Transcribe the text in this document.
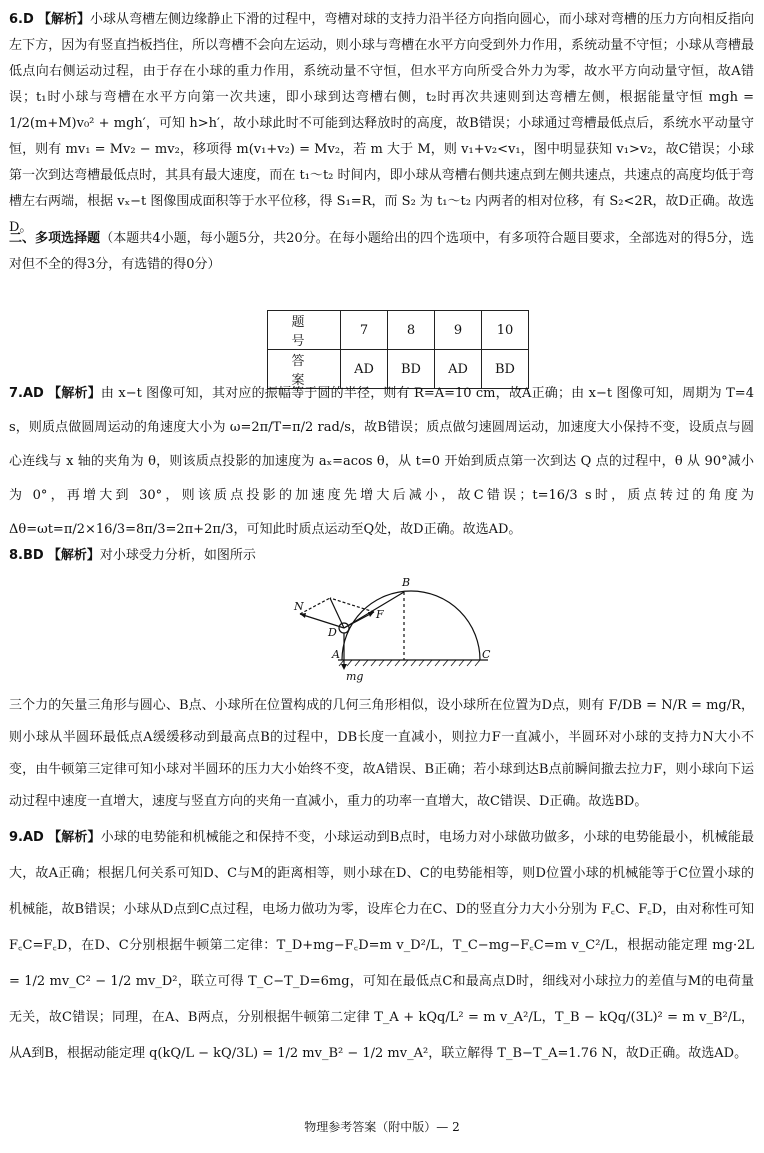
6.D 【解析】小球从弯槽左侧边缘静止下滑的过程中，弯槽对球的支持力沿半径方向指向圆心，而小球对弯槽的压力方向相反指向左下方，因为有竖直挡板挡住，所以弯槽不会向左运动，则小球与弯槽在水平方向受到外力作用，系统动量不守恒；小球从弯槽最低点向右侧运动过程，由于存在小球的重力作用，系统动量不守恒，但水平方向所受合外力为零，故水平方向动量守恒，故A错误；t₁时小球与弯槽在水平方向第一次共速，即小球到达弯槽右侧，t₂时再次共速则到达弯槽左侧，根据能量守恒 mgh = 1/2(m+M)v₀² + mgh′，可知 h>h′，故小球此时不可能到达释放时的高度，故B错误；小球通过弯槽最低点后，系统水平动量守恒，则有 mv₁ = Mv₂ − mv₂，移项得 m(v₁+v₂) = Mv₂，若 m 大于 M，则 v₁+v₂<v₁，图中明显获知 v₁>v₂，故C错误；小球第一次到达弯槽最低点时，其具有最大速度，而在 t₁～t₂ 时间内，即小球从弯槽右侧共速点到左侧共速点，共速点的高度均低于弯槽左右两端，根据 vₓ−t 图像围成面积等于水平位移，得 S₁=R，而 S₂ 为 t₁～t₂ 内两者的相对位移，有 S₂<2R，故D正确。故选D。

二、多项选择题（本题共4小题，每小题5分，共20分。在每小题给出的四个选项中，有多项符合题目要求，全部选对的得5分，选对但不全的得3分，有选错的得0分）

题 号	7	8	9	10
答 案	AD	BD	AD	BD

7.AD 【解析】由 x−t 图像可知，其对应的振幅等于圆的半径，则有 R=A=10 cm，故A正确；由 x−t 图像可知，周期为 T=4 s，则质点做圆周运动的角速度大小为 ω=2π/T=π/2 rad/s，故B错误；质点做匀速圆周运动，加速度大小保持不变，设质点与圆心连线与 x 轴的夹角为 θ，则该质点投影的加速度为 aₓ=acos θ，从 t=0 开始到质点第一次到达 Q 点的过程中，θ 从 90°减小为 0°，再增大到 30°，则该质点投影的加速度先增大后减小，故C错误；t=16/3 s时，质点转过的角度为 Δθ=ωt=π/2×16/3=8π/3=2π+2π/3，可知此时质点运动至Q处，故D正确。故选AD。

8.BD 【解析】对小球受力分析，如图所示

B
N
F
D
A	C
mg

三个力的矢量三角形与圆心、B点、小球所在位置构成的几何三角形相似，设小球所在位置为D点，则有 F/DB = N/R = mg/R，则小球从半圆环最低点A缓缓移动到最高点B的过程中，DB长度一直减小，则拉力F一直减小，半圆环对小球的支持力N大小不变，由牛顿第三定律可知小球对半圆环的压力大小始终不变，故A错误、B正确；若小球到达B点前瞬间撤去拉力F，则小球向下运动过程中速度一直增大，速度与竖直方向的夹角一直减小，重力的功率一直增大，故C错误、D正确。故选BD。

9.AD 【解析】小球的电势能和机械能之和保持不变，小球运动到B点时，电场力对小球做功做多，小球的电势能最小，机械能最大，故A正确；根据几何关系可知D、C与M的距离相等，则小球在D、C的电势能相等，则D位置小球的机械能等于C位置小球的机械能，故B错误；小球从D点到C点过程，电场力做功为零，设库仑力在C、D的竖直分力大小分别为 F꜀C、F꜀D，由对称性可知 F꜀C=F꜀D，在D、C分别根据牛顿第二定律：T_D+mg−F꜀D=m v_D²/L，T_C−mg−F꜀C=m v_C²/L，根据动能定理 mg·2L = 1/2 mv_C² − 1/2 mv_D²，联立可得 T_C−T_D=6mg，可知在最低点C和最高点D时，细线对小球拉力的差值与M的电荷量无关，故C错误；同理，在A、B两点，分别根据牛顿第二定律 T_A + kQq/L² = m v_A²/L，T_B − kQq/(3L)² = m v_B²/L，从A到B，根据动能定理 q(kQ/L − kQ/3L) = 1/2 mv_B² − 1/2 mv_A²，联立解得 T_B−T_A=1.76 N，故D正确。故选AD。

物理参考答案（附中版）— 2
